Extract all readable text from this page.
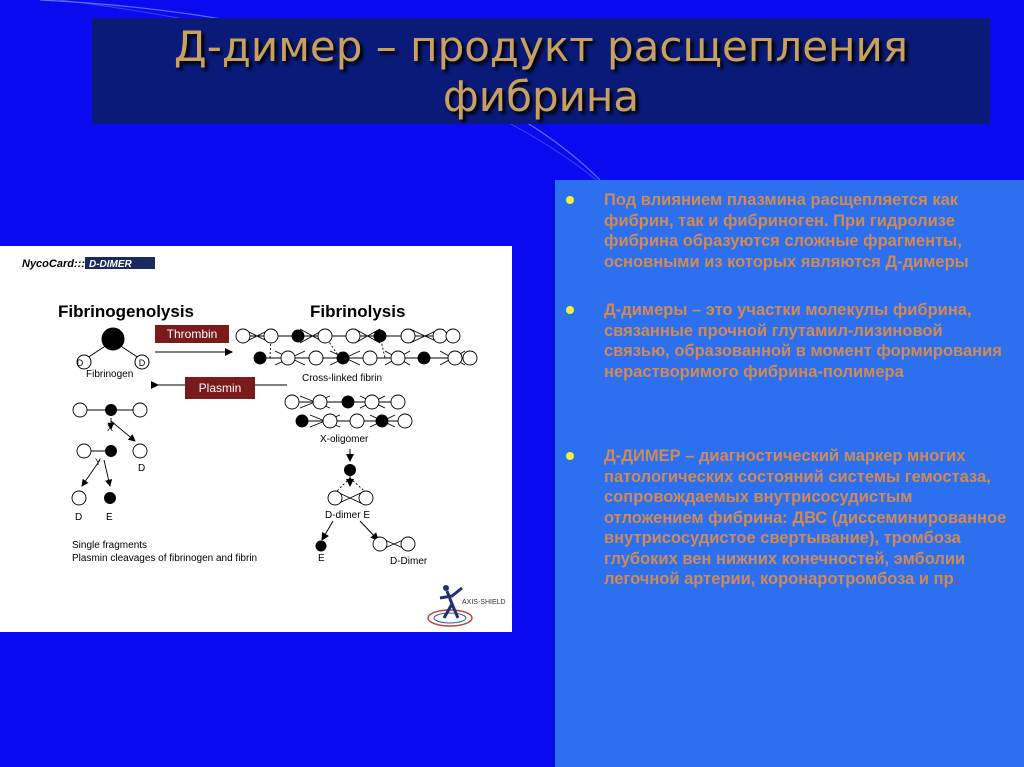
Д-димер – продукт расщепления фибрина
Под влиянием плазмина расщепляется как фибрин, так и фибриноген. При гидролизе фибрина образуются сложные фрагменты, основными из которых являются Д-димеры
Д-димеры – это участки молекулы фибрина, связанные прочной глутамил-лизиновой связью, образованной в момент формирования нерастворимого фибрина-полимера
Д-ДИМЕР – диагностический маркер многих патологических состояний системы гемостаза, сопровождаемых внутрисосудистым отложением фибрина: ДВС (диссеминированное внутрисосудистое свертывание), тромбоза глубоких вен нижних конечностей, эмболии легочной артерии, коронаротромбоза и пр.
NycoCard::: D-DIMER
Fibrinogenolysis	Fibrinolysis
D	D
Fibrinogen
Thrombin
Plasmin
Cross-linked fibrin
X-oligomer
D-dimer E
E	D-Dimer
X
Y
D
D E
Single fragments
Plasmin cleavages of fibrinogen and fibrin
AXIS-SHIELD
